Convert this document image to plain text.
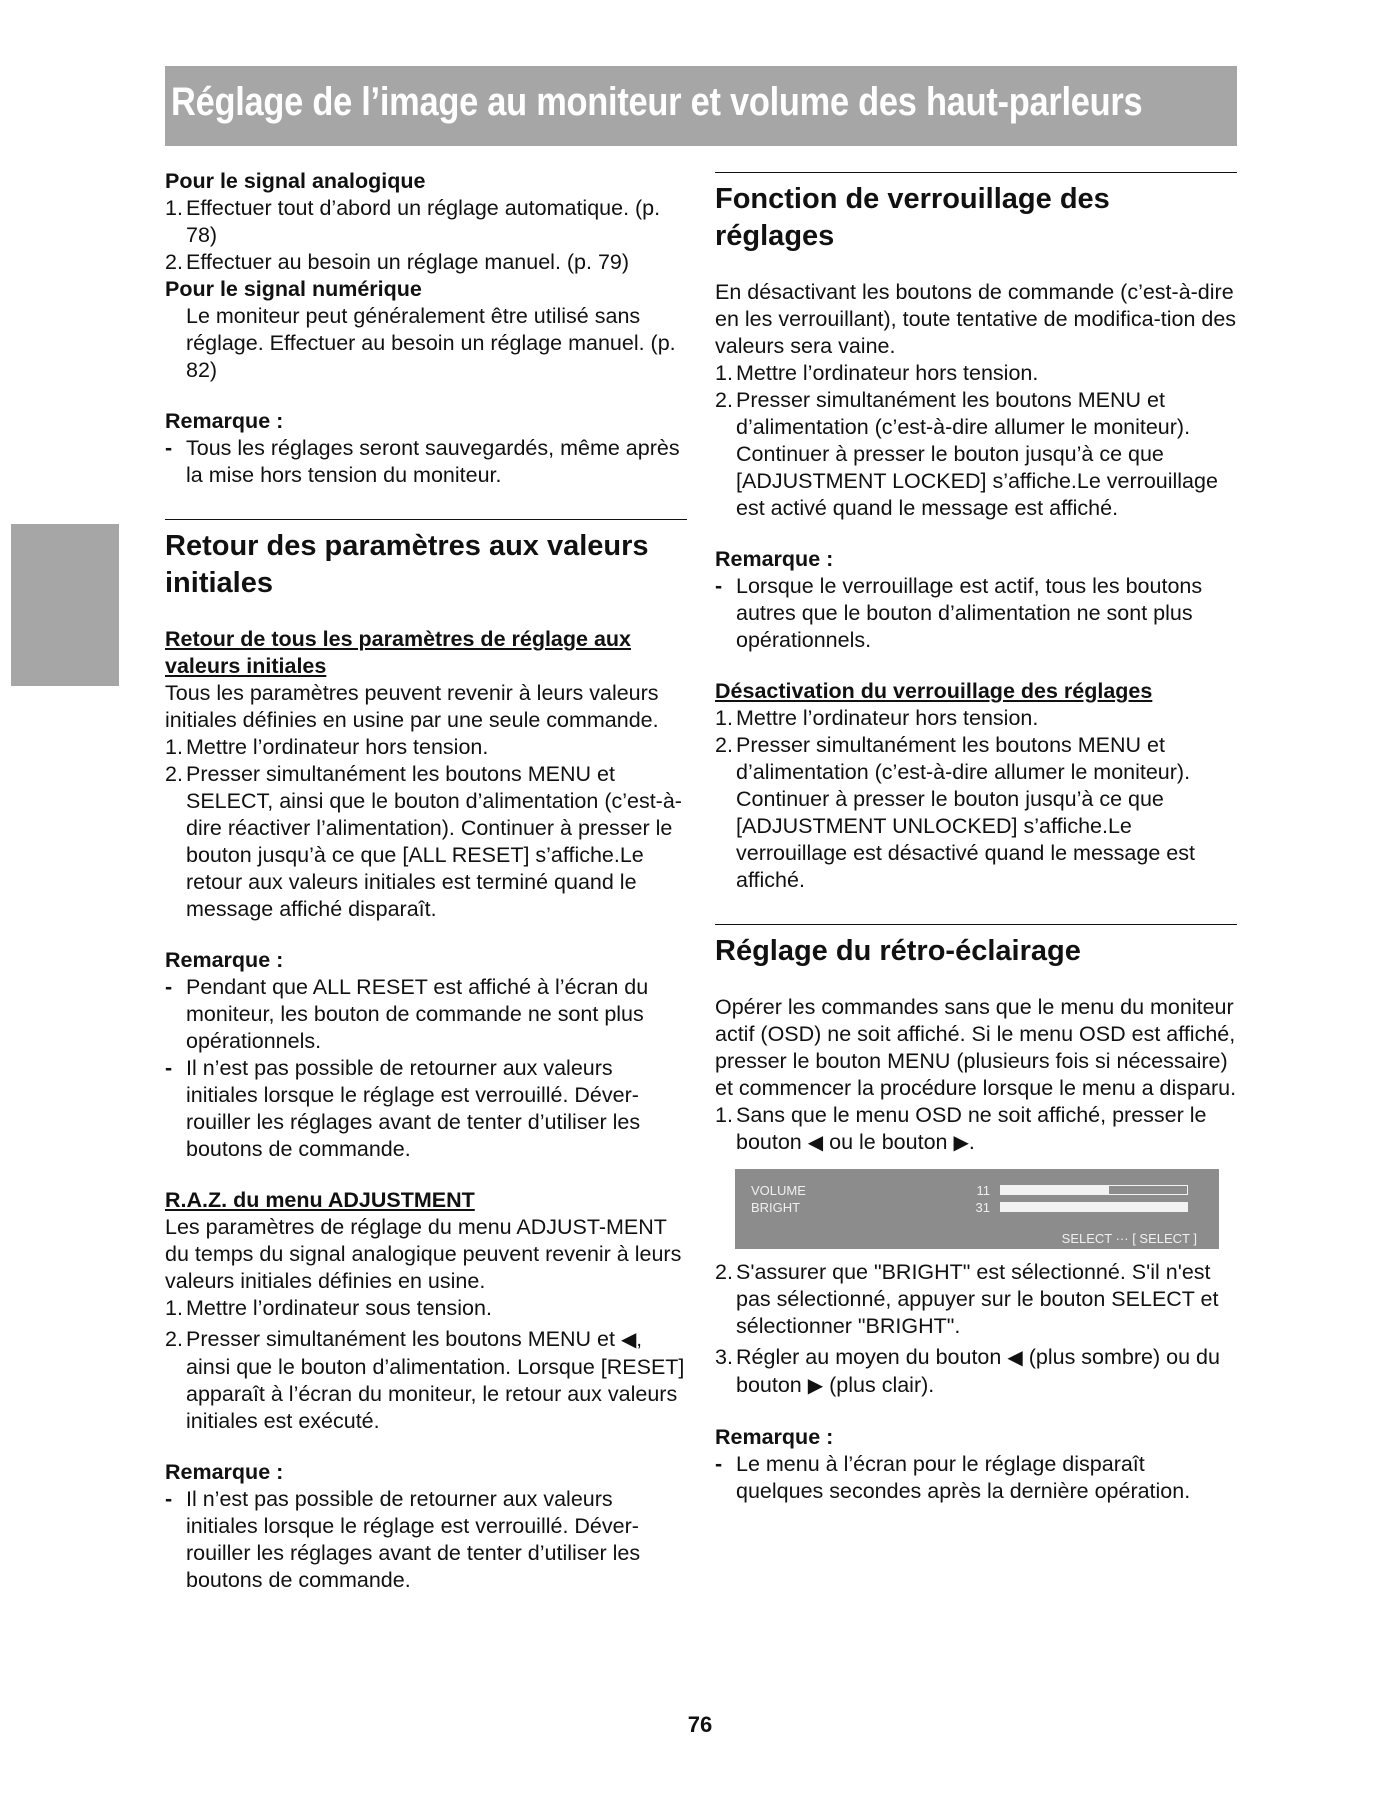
Réglage de l’image au moniteur et volume des haut-parleurs

Pour le signal analogique

1. Effectuer tout d’abord un réglage automatique. (p. 78)
2. Effectuer au besoin un réglage manuel. (p. 79)

Pour le signal numérique

Le moniteur peut généralement être utilisé sans réglage. Effectuer au besoin un réglage manuel. (p. 82)

Remarque :

- Tous les réglages seront sauvegardés, même après la mise hors tension du moniteur.
Retour des paramètres aux valeurs initiales

Retour de tous les paramètres de réglage aux valeurs initiales

Tous les paramètres peuvent revenir à leurs valeurs initiales définies en usine par une seule commande.

1. Mettre l’ordinateur hors tension.
2. Presser simultanément les boutons MENU et SELECT, ainsi que le bouton d’alimentation (c’est-à-dire réactiver l’alimentation). Continuer à presser le bouton jusqu’à ce que [ALL RESET] s’affiche.Le retour aux valeurs initiales est terminé quand le message affiché disparaît.

Remarque :

- Pendant que ALL RESET est affiché à l’écran du moniteur, les bouton de commande ne sont plus opérationnels.
- Il n’est pas possible de retourner aux valeurs initiales lorsque le réglage est verrouillé. Déver-rouiller les réglages avant de tenter d’utiliser les boutons de commande.

R.A.Z. du menu ADJUSTMENT

Les paramètres de réglage du menu ADJUST-MENT du temps du signal analogique peuvent revenir à leurs valeurs initiales définies en usine.

1. Mettre l’ordinateur sous tension.
2. Presser simultanément les boutons MENU et ◀, ainsi que le bouton d’alimentation. Lorsque [RESET] apparaît à l’écran du moniteur, le retour aux valeurs initiales est exécuté.

Remarque :

- Il n’est pas possible de retourner aux valeurs initiales lorsque le réglage est verrouillé. Déver-rouiller les réglages avant de tenter d’utiliser les boutons de commande.
Fonction de verrouillage des réglages

En désactivant les boutons de commande (c’est-à-dire en les verrouillant), toute tentative de modifica-tion des valeurs sera vaine.

1. Mettre l’ordinateur hors tension.
2. Presser simultanément les boutons MENU et d’alimentation (c’est-à-dire allumer le moniteur). Continuer à presser le bouton jusqu’à ce que [ADJUSTMENT LOCKED] s’affiche.Le verrouillage est activé quand le message est affiché.

Remarque :

- Lorsque le verrouillage est actif, tous les boutons autres que le bouton d’alimentation ne sont plus opérationnels.

Désactivation du verrouillage des réglages

1. Mettre l’ordinateur hors tension.
2. Presser simultanément les boutons MENU et d’alimentation (c’est-à-dire allumer le moniteur). Continuer à presser le bouton jusqu’à ce que [ADJUSTMENT UNLOCKED] s’affiche.Le verrouillage est désactivé quand le message est affiché.
Réglage du rétro-éclairage

Opérer les commandes sans que le menu du moniteur actif (OSD) ne soit affiché. Si le menu OSD est affiché, presser le bouton MENU (plusieurs fois si nécessaire) et commencer la procédure lorsque le menu a disparu.

1. Sans que le menu OSD ne soit affiché, presser le bouton ◀ ou le bouton ▶.
VOLUME	11
BRIGHT	31
SELECT ··· [ SELECT ]
2. S'assurer que "BRIGHT" est sélectionné. S'il n'est pas sélectionné, appuyer sur le bouton SELECT et sélectionner "BRIGHT".
3. Régler au moyen du bouton ◀ (plus sombre) ou du bouton ▶ (plus clair).

Remarque :

- Le menu à l’écran pour le réglage disparaît quelques secondes après la dernière opération.
76
